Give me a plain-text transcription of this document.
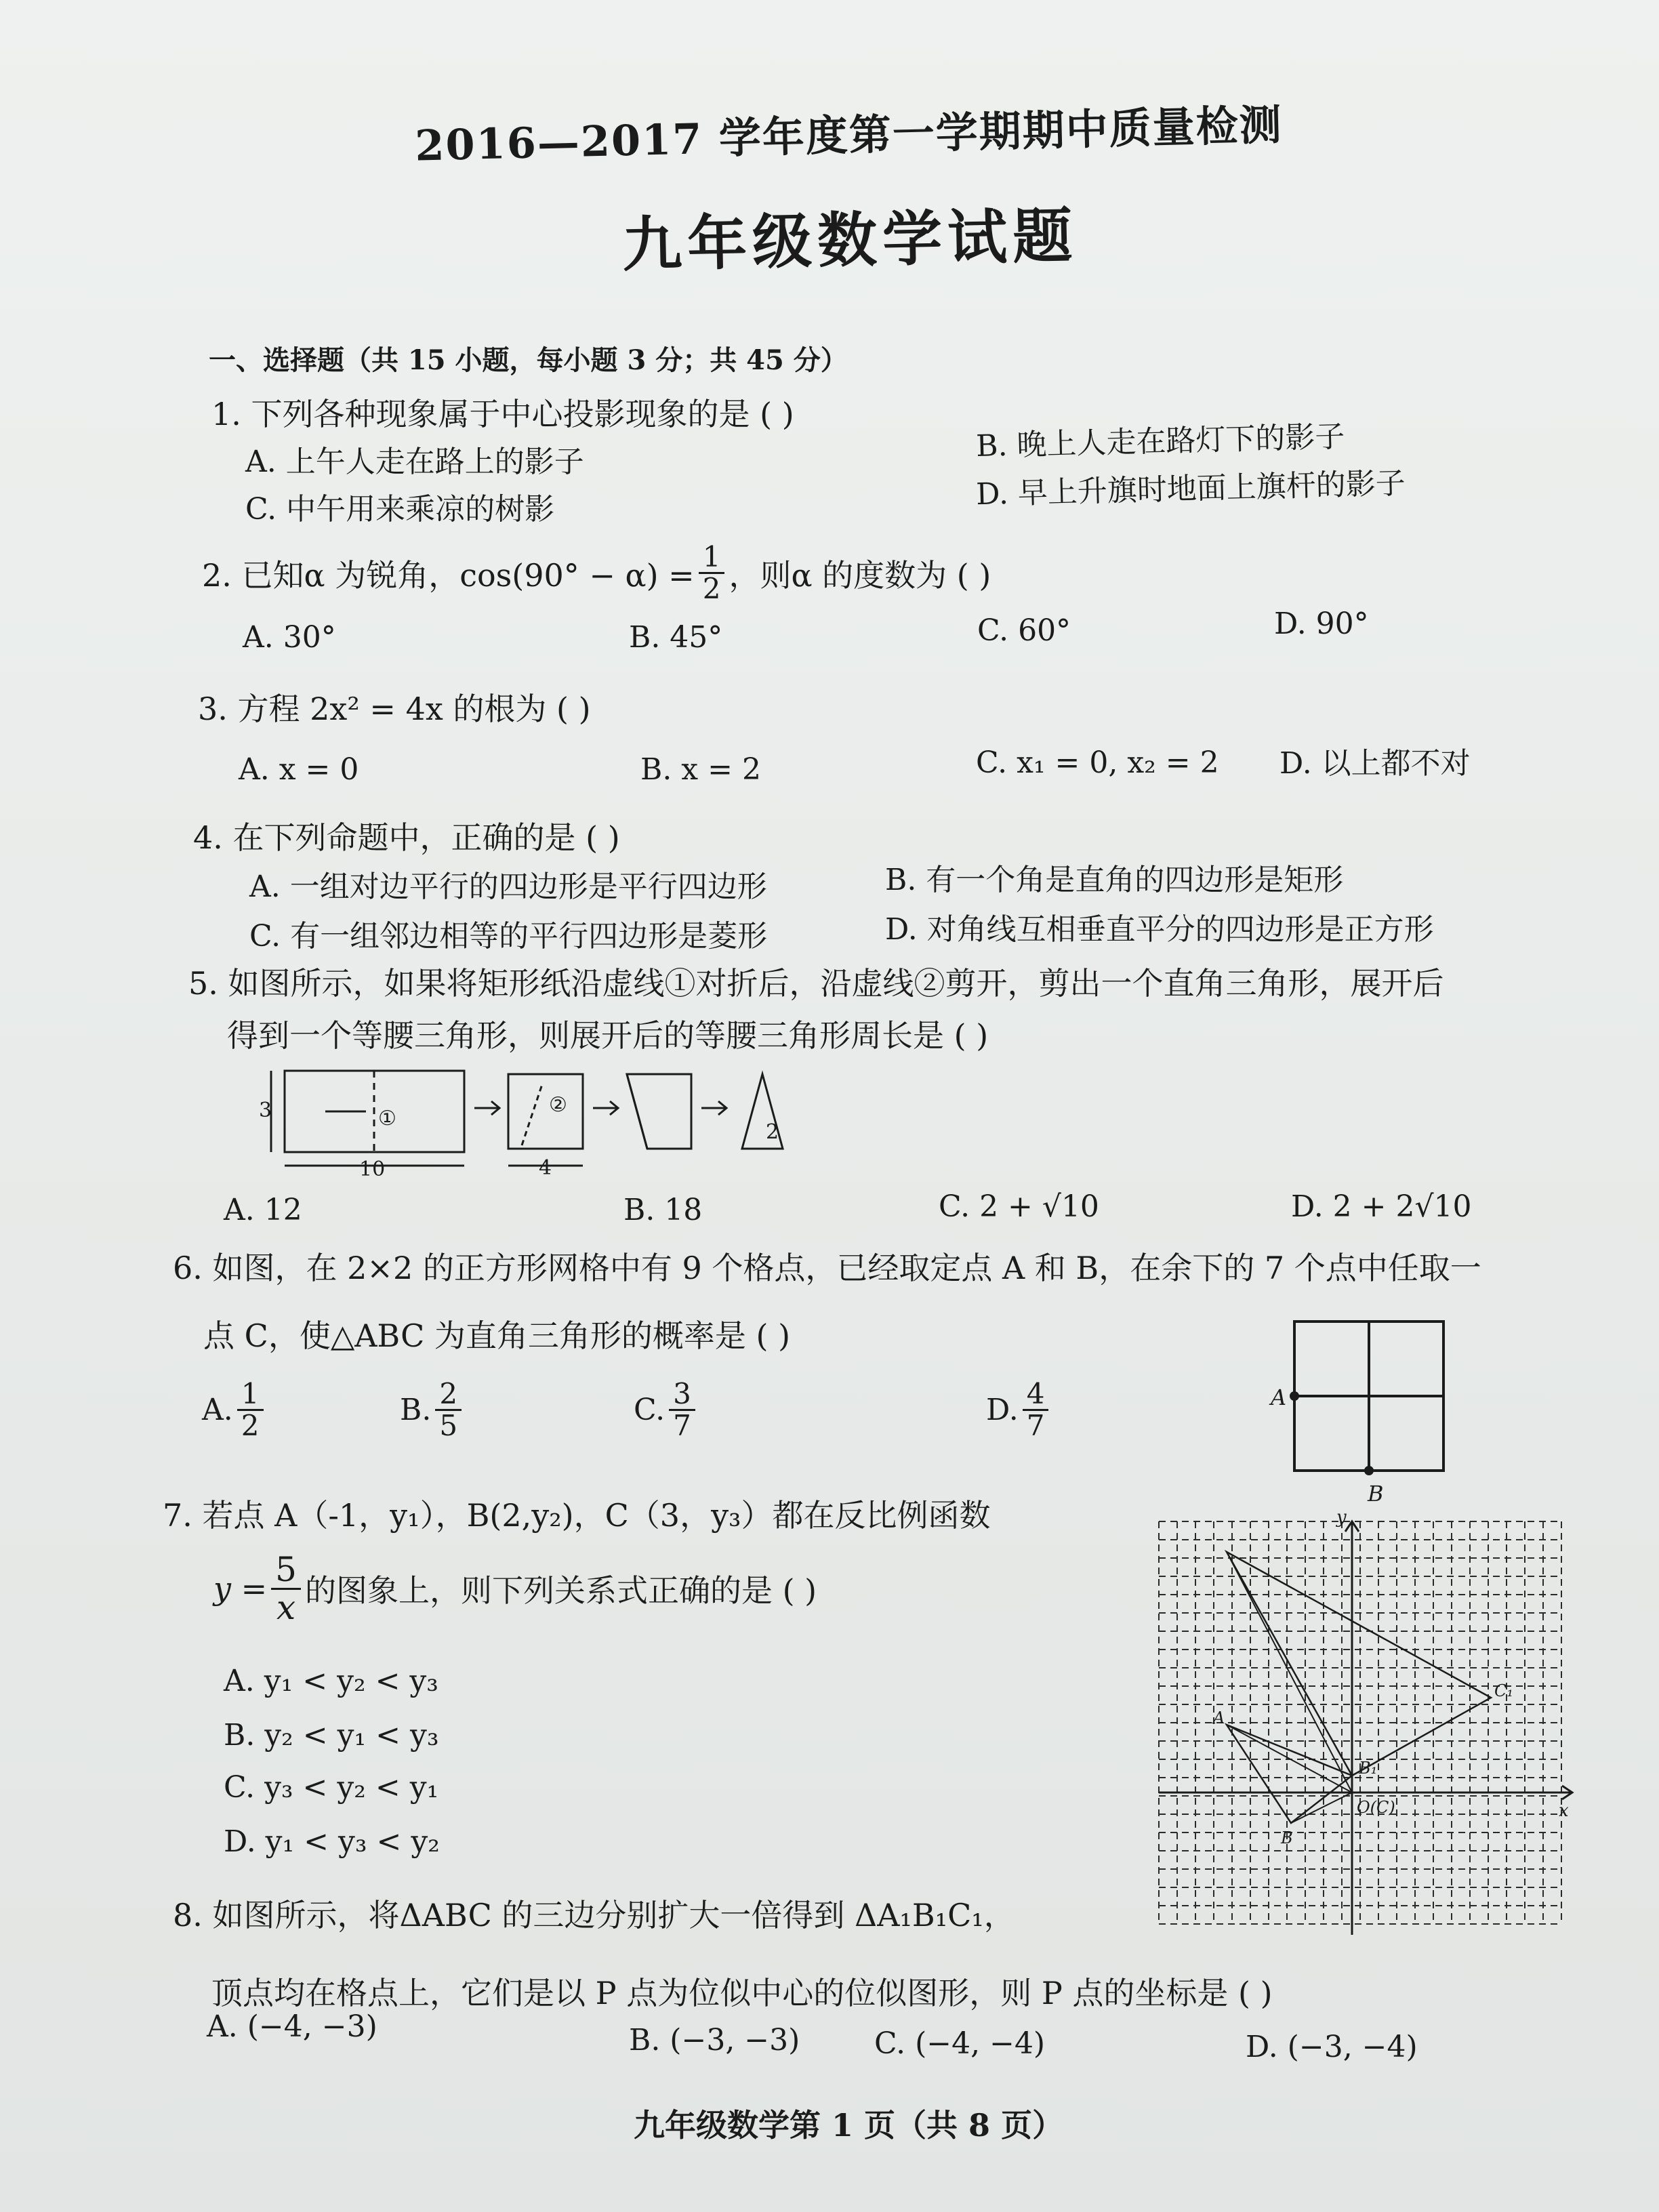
2016—2017 学年度第一学期期中质量检测
九年级数学试题
一、选择题（共 15 小题，每小题 3 分；共 45 分）
1. 下列各种现象属于中心投影现象的是 ( )
A. 上午人走在路上的影子	B. 晚上人走在路灯下的影子
C. 中午用来乘凉的树影	D. 早上升旗时地面上旗杆的影子
2. 已知α 为锐角，$\cos(90^\circ - \alpha) = \frac{1}{2}$ ，则α 的度数为 ( )
A. 30°	B. 45°	C. 60°	D. 90°
3. 方程 2x² = 4x 的根为 ( )
A. x = 0	B. x = 2	C. x₁ = 0, x₂ = 2 D. 以上都不对
4. 在下列命题中，正确的是 ( )
A. 一组对边平行的四边形是平行四边形	B. 有一个角是直角的四边形是矩形
C. 有一组邻边相等的平行四边形是菱形	D. 对角线互相垂直平分的四边形是正方形
5. 如图所示，如果将矩形纸沿虚线①对折后，沿虚线②剪开，剪出一个直角三角形，展开后
得到一个等腰三角形，则展开后的等腰三角形周长是 ( )
3
10	4
2
①
②
A. 12	B. 18	C. 2 + √10	D. 2 + 2√10
6. 如图，在 2×2 的正方形网格中有 9 个格点，已经取定点 A 和 B，在余下的 7 个点中任取一
点 C，使△ABC 为直角三角形的概率是 ( )
A. $\frac{1}{2}$	B. $\frac{2}{5}$	C. $\frac{3}{7}$	D. $\frac{4}{7}$	A
B
7. 若点 A（-1，y₁），B(2,y₂)，C（3，y₃）都在反比例函数
$y = \frac{5}{x}$ 的图象上，则下列关系式正确的是 ( )
A. y₁ < y₂ < y₃
B. y₂ < y₁ < y₃
C. y₃ < y₂ < y₁
D. y₁ < y₃ < y₂
y
x
A
B
B₁
C₁
O(C)
8. 如图所示，将ΔABC 的三边分别扩大一倍得到 ΔA₁B₁C₁，
顶点均在格点上，它们是以 P 点为位似中心的位似图形，则 P 点的坐标是 ( )
A. (−4, −3)	B. (−3, −3) C. (−4, −4)	D. (−3, −4)
九年级数学第 1 页（共 8 页）
